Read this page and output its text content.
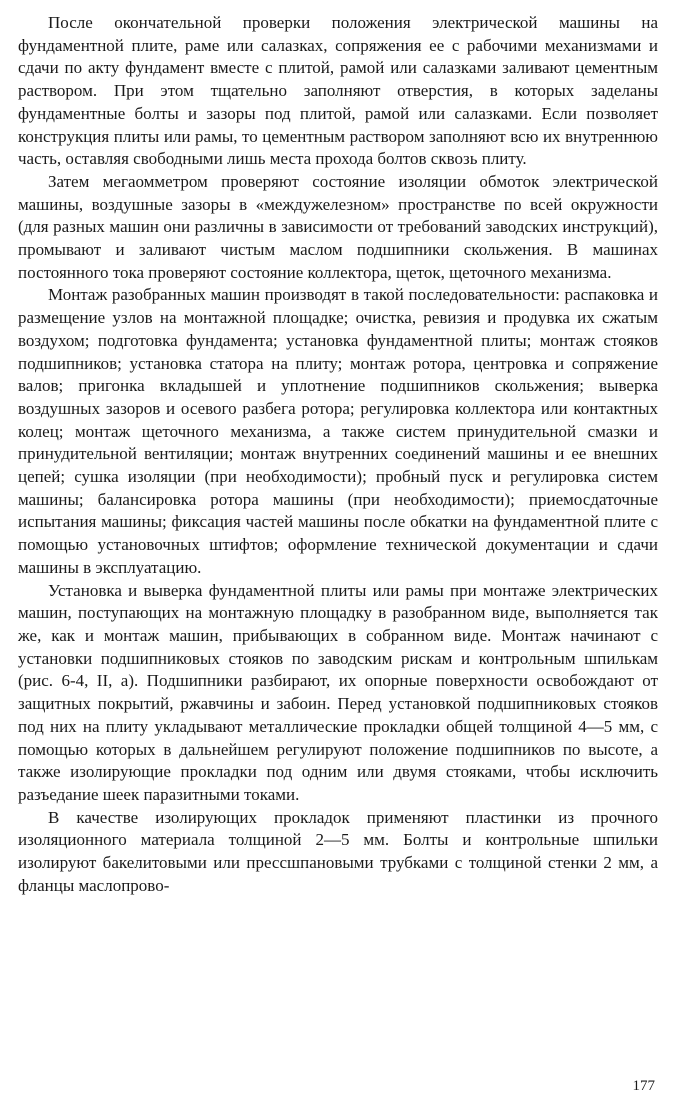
После окончательной проверки положения электрической машины на фундаментной плите, раме или салазках, сопряжения ее с рабочими механизмами и сдачи по акту фундамент вместе с плитой, рамой или салазками заливают цементным раствором. При этом тщательно заполняют отверстия, в которых заделаны фундаментные болты и зазоры под плитой, рамой или салазками. Если позволяет конструкция плиты или рамы, то цементным раствором заполняют всю их внутреннюю часть, оставляя свободными лишь места прохода болтов сквозь плиту.

Затем мегаомметром проверяют состояние изоляции обмоток электрической машины, воздушные зазоры в «междужелезном» пространстве по всей окружности (для разных машин они различны в зависимости от требований заводских инструкций), промывают и заливают чистым маслом подшипники скольжения. В машинах постоянного тока проверяют состояние коллектора, щеток, щеточного механизма.

Монтаж разобранных машин производят в такой последовательности: распаковка и размещение узлов на монтажной площадке; очистка, ревизия и продувка их сжатым воздухом; подготовка фундамента; установка фундаментной плиты; монтаж стояков подшипников; установка статора на плиту; монтаж ротора, центровка и сопряжение валов; пригонка вкладышей и уплотнение подшипников скольжения; выверка воздушных зазоров и осевого разбега ротора; регулировка коллектора или контактных колец; монтаж щеточного механизма, а также систем принудительной смазки и принудительной вентиляции; монтаж внутренних соединений машины и ее внешних цепей; сушка изоляции (при необходимости); пробный пуск и регулировка систем машины; балансировка ротора машины (при необходимости); приемосдаточные испытания машины; фиксация частей машины после обкатки на фундаментной плите с помощью установочных штифтов; оформление технической документации и сдачи машины в эксплуатацию.

Установка и выверка фундаментной плиты или рамы при монтаже электрических машин, поступающих на монтажную площадку в разобранном виде, выполняется так же, как и монтаж машин, прибывающих в собранном виде. Монтаж начинают с установки подшипниковых стояков по заводским рискам и контрольным шпилькам (рис. 6-4, II, а). Подшипники разбирают, их опорные поверхности освобождают от защитных покрытий, ржавчины и забоин. Перед установкой подшипниковых стояков под них на плиту укладывают металлические прокладки общей толщиной 4—5 мм, с помощью которых в дальнейшем регулируют положение подшипников по высоте, а также изолирующие прокладки под одним или двумя стояками, чтобы исключить разъедание шеек паразитными токами.

В качестве изолирующих прокладок применяют пластинки из прочного изоляционного материала толщиной 2—5 мм. Болты и контрольные шпильки изолируют бакелитовыми или прессшпановыми трубками с толщиной стенки 2 мм, а фланцы маслопрово-

177
